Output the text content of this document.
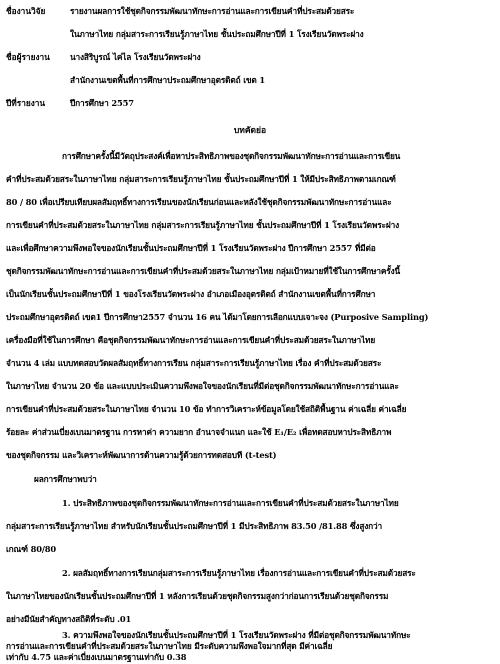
ชื่องานวิจัย	รายงานผลการใช้ชุดกิจกรรมพัฒนาทักษะการอ่านและการเขียนคำที่ประสมด้วยสระ
ในภาษาไทย กลุ่มสาระการเรียนรู้ภาษาไทย ชั้นประถมศึกษาปีที่ 1 โรงเรียนวัดพระฝาง
ชื่อผู้รายงาน นางสิริบูรณ์ ไค่ไล โรงเรียนวัดพระฝาง
สำนักงานเขตพื้นที่การศึกษาประถมศึกษาอุตรดิตถ์ เขต 1
ปีที่รายงาน	ปีการศึกษา 2557
บทคัดย่อ
การศึกษาครั้งนี้มีวัตถุประสงค์เพื่อหาประสิทธิภาพของชุดกิจกรรมพัฒนาทักษะการอ่านและการเขียน
คำที่ประสมด้วยสระในภาษาไทย กลุ่มสาระการเรียนรู้ภาษาไทย ชั้นประถมศึกษาปีที่ 1 ให้มีประสิทธิภาพตามเกณฑ์
80 / 80 เพื่อเปรียบเทียบผลสัมฤทธิ์ทางการเรียนของนักเรียนก่อนและหลังใช้ชุดกิจกรรมพัฒนาทักษะการอ่านและ
การเขียนคำที่ประสมด้วยสระในภาษาไทย กลุ่มสาระการเรียนรู้ภาษาไทย ชั้นประถมศึกษาปีที่ 1 โรงเรียนวัดพระฝาง
และเพื่อศึกษาความพึงพอใจของนักเรียนชั้นประถมศึกษาปีที่ 1 โรงเรียนวัดพระฝาง ปีการศึกษา 2557 ที่มีต่อ
ชุดกิจกรรมพัฒนาทักษะการอ่านและการเขียนคำที่ประสมด้วยสระในภาษาไทย กลุ่มเป้าหมายที่ใช้ในการศึกษาครั้งนี้
เป็นนักเรียนชั้นประถมศึกษาปีที่ 1 ของโรงเรียนวัดพระฝาง อำเภอเมืองอุตรดิตถ์ สำนักงานเขตพื้นที่การศึกษา
ประถมศึกษาอุตรดิตถ์ เขต1 ปีการศึกษา2557 จำนวน 16 คน ได้มาโดยการเลือกแบบเจาะจง (Purposive Sampling)
เครื่องมือที่ใช้ในการศึกษา คือชุดกิจกรรมพัฒนาทักษะการอ่านและการเขียนคำที่ประสมด้วยสระในภาษาไทย
จำนวน 4 เล่ม แบบทดสอบวัดผลสัมฤทธิ์ทางการเรียน กลุ่มสาระการเรียนรู้ภาษาไทย เรื่อง คำที่ประสมด้วยสระ
ในภาษาไทย จำนวน 20 ข้อ และแบบประเมินความพึงพอใจของนักเรียนที่มีต่อชุดกิจกรรมพัฒนาทักษะการอ่านและ
การเขียนคำที่ประสมด้วยสระในภาษาไทย จำนวน 10 ข้อ ทำการวิเคราะห์ข้อมูลโดยใช้สถิติพื้นฐาน ค่าเฉลี่ย ค่าเฉลี่ย
ร้อยละ ค่าส่วนเบี่ยงเบนมาตรฐาน การหาค่า ความยาก อำนาจจำแนก และใช้ E₁/E₂ เพื่อทดสอบหาประสิทธิภาพ
ของชุดกิจกรรม และวิเคราะห์พัฒนาการด้านความรู้ด้วยการทดสอบที (t-test)
ผลการศึกษาพบว่า
1. ประสิทธิภาพของชุดกิจกรรมพัฒนาทักษะการอ่านและการเขียนคำที่ประสมด้วยสระในภาษาไทย
กลุ่มสาระการเรียนรู้ภาษาไทย สำหรับนักเรียนชั้นประถมศึกษาปีที่ 1 มีประสิทธิภาพ 83.50 /81.88 ซึ่งสูงกว่า
เกณฑ์ 80/80
2. ผลสัมฤทธิ์ทางการเรียนกลุ่มสาระการเรียนรู้ภาษาไทย เรื่องการอ่านและการเขียนคำที่ประสมด้วยสระ
ในภาษาไทยของนักเรียนชั้นประถมศึกษาปีที่ 1 หลังการเรียนด้วยชุดกิจกรรมสูงกว่าก่อนการเรียนด้วยชุดกิจกรรม
อย่างมีนัยสำคัญทางสถิติที่ระดับ .01
3. ความพึงพอใจของนักเรียนชั้นประถมศึกษาปีที่ 1 โรงเรียนวัดพระฝาง ที่มีต่อชุดกิจกรรมพัฒนาทักษะ
การอ่านและการเขียนคำที่ประสมด้วยสระในภาษาไทย มีระดับความพึงพอใจมากที่สุด มีค่าเฉลี่ย
เท่ากับ 4.75 และค่าเบี่ยงเบนมาตรฐานเท่ากับ 0.38
